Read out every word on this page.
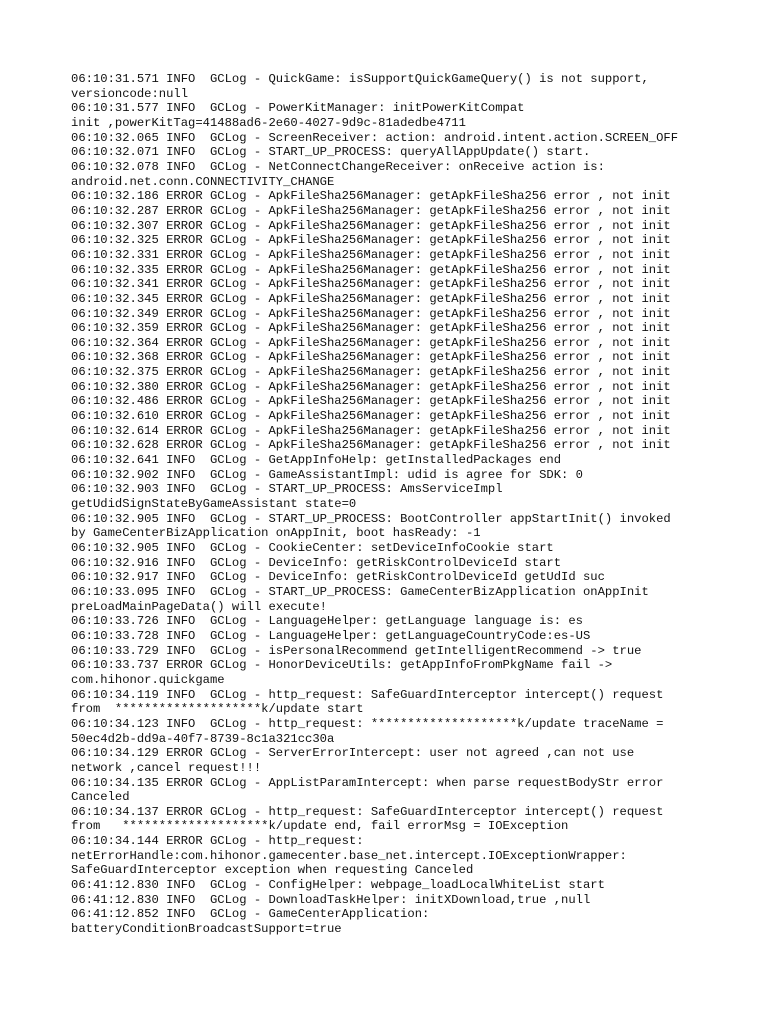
06:10:31.571 INFO  GCLog - QuickGame: isSupportQuickGameQuery() is not support,
versioncode:null
06:10:31.577 INFO  GCLog - PowerKitManager: initPowerKitCompat
init ,powerKitTag=41488ad6-2e60-4027-9d9c-81adedbe4711
06:10:32.065 INFO  GCLog - ScreenReceiver: action: android.intent.action.SCREEN_OFF
06:10:32.071 INFO  GCLog - START_UP_PROCESS: queryAllAppUpdate() start.
06:10:32.078 INFO  GCLog - NetConnectChangeReceiver: onReceive action is:
android.net.conn.CONNECTIVITY_CHANGE
06:10:32.186 ERROR GCLog - ApkFileSha256Manager: getApkFileSha256 error , not init
06:10:32.287 ERROR GCLog - ApkFileSha256Manager: getApkFileSha256 error , not init
06:10:32.307 ERROR GCLog - ApkFileSha256Manager: getApkFileSha256 error , not init
06:10:32.325 ERROR GCLog - ApkFileSha256Manager: getApkFileSha256 error , not init
06:10:32.331 ERROR GCLog - ApkFileSha256Manager: getApkFileSha256 error , not init
06:10:32.335 ERROR GCLog - ApkFileSha256Manager: getApkFileSha256 error , not init
06:10:32.341 ERROR GCLog - ApkFileSha256Manager: getApkFileSha256 error , not init
06:10:32.345 ERROR GCLog - ApkFileSha256Manager: getApkFileSha256 error , not init
06:10:32.349 ERROR GCLog - ApkFileSha256Manager: getApkFileSha256 error , not init
06:10:32.359 ERROR GCLog - ApkFileSha256Manager: getApkFileSha256 error , not init
06:10:32.364 ERROR GCLog - ApkFileSha256Manager: getApkFileSha256 error , not init
06:10:32.368 ERROR GCLog - ApkFileSha256Manager: getApkFileSha256 error , not init
06:10:32.375 ERROR GCLog - ApkFileSha256Manager: getApkFileSha256 error , not init
06:10:32.380 ERROR GCLog - ApkFileSha256Manager: getApkFileSha256 error , not init
06:10:32.486 ERROR GCLog - ApkFileSha256Manager: getApkFileSha256 error , not init
06:10:32.610 ERROR GCLog - ApkFileSha256Manager: getApkFileSha256 error , not init
06:10:32.614 ERROR GCLog - ApkFileSha256Manager: getApkFileSha256 error , not init
06:10:32.628 ERROR GCLog - ApkFileSha256Manager: getApkFileSha256 error , not init
06:10:32.641 INFO  GCLog - GetAppInfoHelp: getInstalledPackages end
06:10:32.902 INFO  GCLog - GameAssistantImpl: udid is agree for SDK: 0
06:10:32.903 INFO  GCLog - START_UP_PROCESS: AmsServiceImpl
getUdidSignStateByGameAssistant state=0
06:10:32.905 INFO  GCLog - START_UP_PROCESS: BootController appStartInit() invoked
by GameCenterBizApplication onAppInit, boot hasReady: -1
06:10:32.905 INFO  GCLog - CookieCenter: setDeviceInfoCookie start
06:10:32.916 INFO  GCLog - DeviceInfo: getRiskControlDeviceId start
06:10:32.917 INFO  GCLog - DeviceInfo: getRiskControlDeviceId getUdId suc
06:10:33.095 INFO  GCLog - START_UP_PROCESS: GameCenterBizApplication onAppInit
preLoadMainPageData() will execute!
06:10:33.726 INFO  GCLog - LanguageHelper: getLanguage language is: es
06:10:33.728 INFO  GCLog - LanguageHelper: getLanguageCountryCode:es-US
06:10:33.729 INFO  GCLog - isPersonalRecommend getIntelligentRecommend -> true
06:10:33.737 ERROR GCLog - HonorDeviceUtils: getAppInfoFromPkgName fail ->
com.hihonor.quickgame
06:10:34.119 INFO  GCLog - http_request: SafeGuardInterceptor intercept() request
from  ********************k/update start
06:10:34.123 INFO  GCLog - http_request: ********************k/update traceName =
50ec4d2b-dd9a-40f7-8739-8c1a321cc30a
06:10:34.129 ERROR GCLog - ServerErrorIntercept: user not agreed ,can not use
network ,cancel request!!!
06:10:34.135 ERROR GCLog - AppListParamIntercept: when parse requestBodyStr error
Canceled
06:10:34.137 ERROR GCLog - http_request: SafeGuardInterceptor intercept() request
from   ********************k/update end, fail errorMsg = IOException
06:10:34.144 ERROR GCLog - http_request:
netErrorHandle:com.hihonor.gamecenter.base_net.intercept.IOExceptionWrapper:
SafeGuardInterceptor exception when requesting Canceled
06:41:12.830 INFO  GCLog - ConfigHelper: webpage_loadLocalWhiteList start
06:41:12.830 INFO  GCLog - DownloadTaskHelper: initXDownload,true ,null
06:41:12.852 INFO  GCLog - GameCenterApplication:
batteryConditionBroadcastSupport=true
